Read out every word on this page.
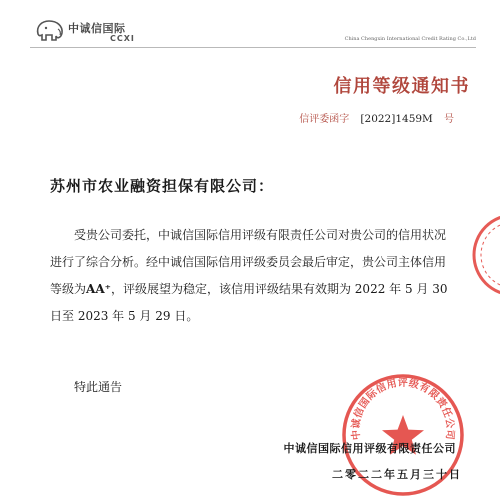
中诚信国际
CCXI	China Chengxin International Credit Rating Co.,Ltd
信用等级通知书
信评委函字 [2022]1459M 号
苏州市农业融资担保有限公司：
受贵公司委托，中诚信国际信用评级有限责任公司对贵公司的信用状况进行了综合分析。经中诚信国际信用评级委员会最后审定，贵公司主体信用等级为AA⁺，评级展望为稳定，该信用评级结果有效期为 2022 年 5 月 30 日至 2023 年 5 月 29 日。
特此通告
中诚信国际信用评级有限责任公司
中诚信国际信用评级有限责任公司
二零二二年五月三十日
